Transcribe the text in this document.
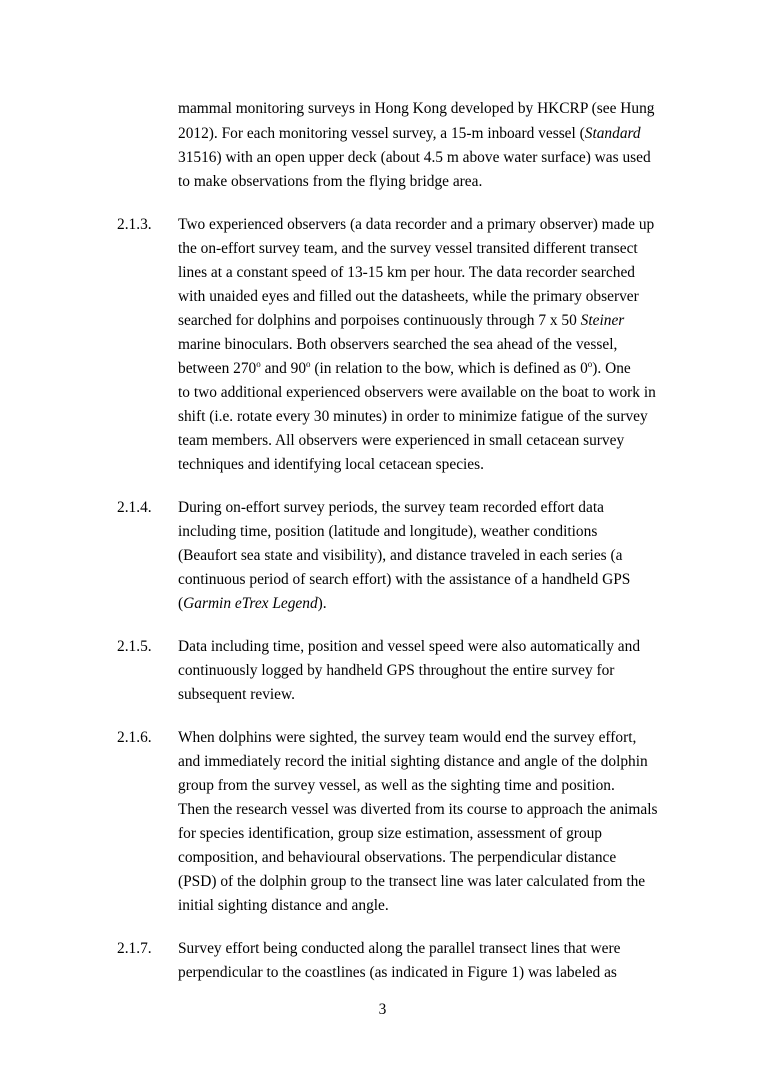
mammal monitoring surveys in Hong Kong developed by HKCRP (see Hung
2012). For each monitoring vessel survey, a 15-m inboard vessel (Standard
31516) with an open upper deck (about 4.5 m above water surface) was used
to make observations from the flying bridge area.
2.1.3. Two experienced observers (a data recorder and a primary observer) made up
the on-effort survey team, and the survey vessel transited different transect
lines at a constant speed of 13-15 km per hour. The data recorder searched
with unaided eyes and filled out the datasheets, while the primary observer
searched for dolphins and porpoises continuously through 7 x 50 Steiner
marine binoculars. Both observers searched the sea ahead of the vessel,
between 270$^o$ and 90$^o$ (in relation to the bow, which is defined as 0$^o$). One
to two additional experienced observers were available on the boat to work in
shift (i.e. rotate every 30 minutes) in order to minimize fatigue of the survey
team members. All observers were experienced in small cetacean survey
techniques and identifying local cetacean species.
2.1.4. During on-effort survey periods, the survey team recorded effort data
including time, position (latitude and longitude), weather conditions
(Beaufort sea state and visibility), and distance traveled in each series (a
continuous period of search effort) with the assistance of a handheld GPS
(Garmin eTrex Legend).
2.1.5. Data including time, position and vessel speed were also automatically and
continuously logged by handheld GPS throughout the entire survey for
subsequent review.
2.1.6. When dolphins were sighted, the survey team would end the survey effort,
and immediately record the initial sighting distance and angle of the dolphin
group from the survey vessel, as well as the sighting time and position.
Then the research vessel was diverted from its course to approach the animals
for species identification, group size estimation, assessment of group
composition, and behavioural observations. The perpendicular distance
(PSD) of the dolphin group to the transect line was later calculated from the
initial sighting distance and angle.
2.1.7. Survey effort being conducted along the parallel transect lines that were
perpendicular to the coastlines (as indicated in Figure 1) was labeled as
3
